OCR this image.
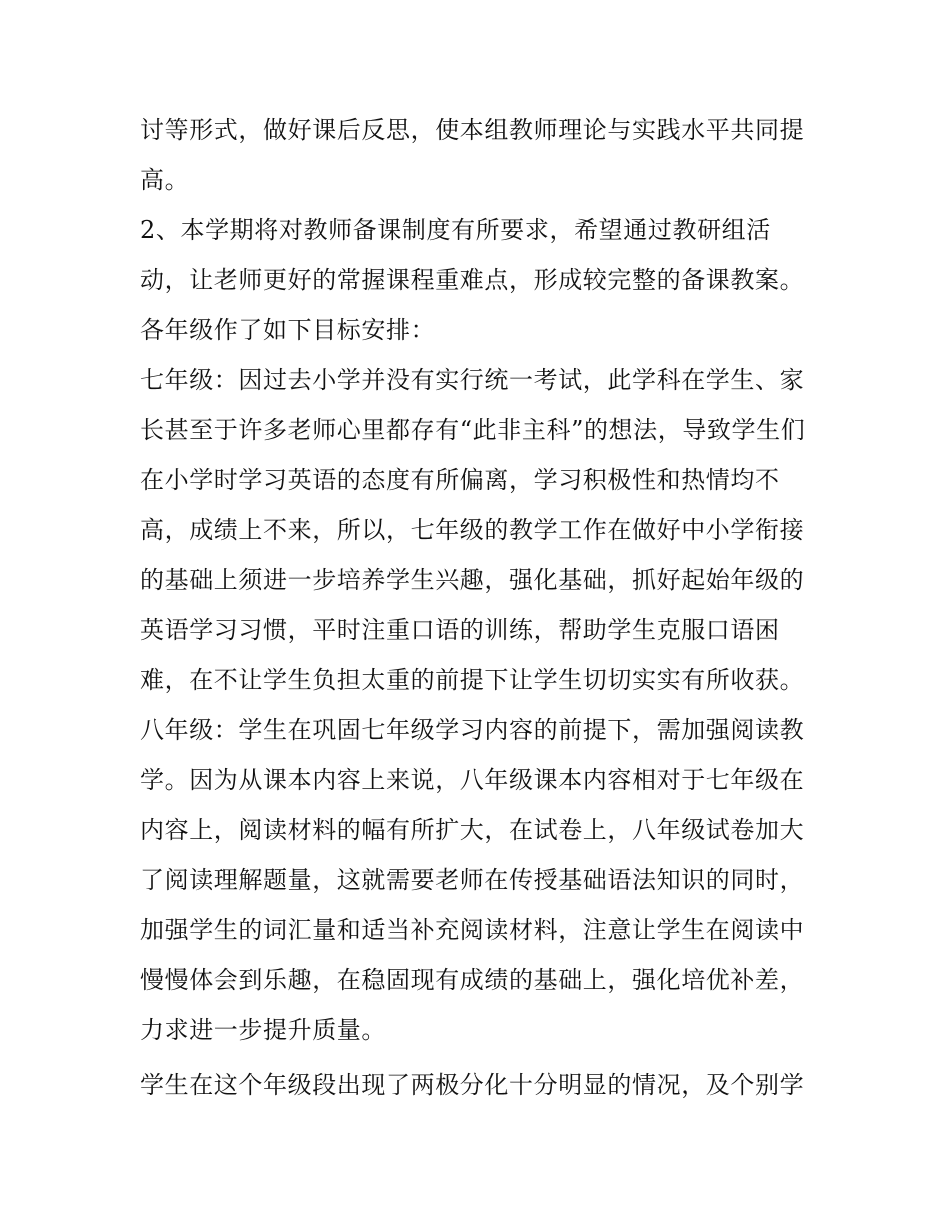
讨等形式，做好课后反思，使本组教师理论与实践水平共同提
高。
2、本学期将对教师备课制度有所要求，希望通过教研组活
动，让老师更好的常握课程重难点，形成较完整的备课教案。
各年级作了如下目标安排：
七年级：因过去小学并没有实行统一考试，此学科在学生、家
长甚至于许多老师心里都存有“此非主科”的想法，导致学生们
在小学时学习英语的态度有所偏离，学习积极性和热情均不
高，成绩上不来，所以，七年级的教学工作在做好中小学衔接
的基础上须进一步培养学生兴趣，强化基础，抓好起始年级的
英语学习习惯，平时注重口语的训练，帮助学生克服口语困
难，在不让学生负担太重的前提下让学生切切实实有所收获。
八年级：学生在巩固七年级学习内容的前提下，需加强阅读教
学。因为从课本内容上来说，八年级课本内容相对于七年级在
内容上，阅读材料的幅有所扩大，在试卷上，八年级试卷加大
了阅读理解题量，这就需要老师在传授基础语法知识的同时，
加强学生的词汇量和适当补充阅读材料，注意让学生在阅读中
慢慢体会到乐趣，在稳固现有成绩的基础上，强化培优补差，
力求进一步提升质量。
学生在这个年级段出现了两极分化十分明显的情况，及个别学
